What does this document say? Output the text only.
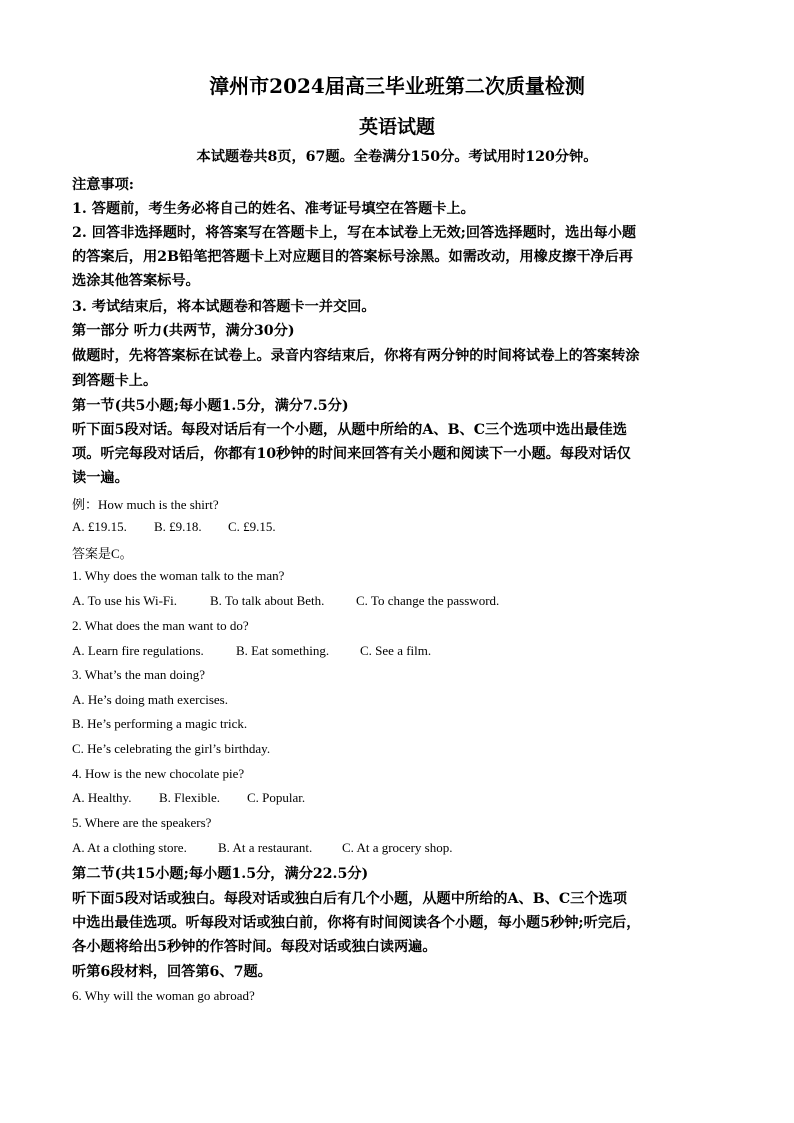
漳州市2024届高三毕业班第二次质量检测
英语试题
本试题卷共8页，67题。全卷满分150分。考试用时120分钟。
注意事项:
1. 答题前，考生务必将自己的姓名、准考证号填空在答题卡上。
2. 回答非选择题时，将答案写在答题卡上，写在本试卷上无效;回答选择题时，选出每小题
的答案后，用2B铅笔把答题卡上对应题目的答案标号涂黑。如需改动，用橡皮擦干净后再
选涂其他答案标号。
3. 考试结束后，将本试题卷和答题卡一并交回。
第一部分 听力(共两节，满分30分)
做题时，先将答案标在试卷上。录音内容结束后，你将有两分钟的时间将试卷上的答案转涂
到答题卡上。
第一节(共5小题;每小题1.5分，满分7.5分)
听下面5段对话。每段对话后有一个小题，从题中所给的A、B、C三个选项中选出最佳选
项。听完每段对话后，你都有10秒钟的时间来回答有关小题和阅读下一小题。每段对话仅
读一遍。
例：How much is the shirt?
A. £19.15. B. £9.18. C. £9.15.
答案是C。
1. Why does the woman talk to the man?
A. To use his Wi-Fi.	B. To talk about Beth. C. To change the password.
2. What does the man want to do?
A. Learn fire regulations. B. Eat something. C. See a film.
3. What’s the man doing?
A. He’s doing math exercises.
B. He’s performing a magic trick.
C. He’s celebrating the girl’s birthday.
4. How is the new chocolate pie?
A. Healthy. B. Flexible. C. Popular.
5. Where are the speakers?
A. At a clothing store. B. At a restaurant. C. At a grocery shop.
第二节(共15小题;每小题1.5分，满分22.5分)
听下面5段对话或独白。每段对话或独白后有几个小题，从题中所给的A、B、C三个选项
中选出最佳选项。听每段对话或独白前，你将有时间阅读各个小题，每小题5秒钟;听完后，
各小题将给出5秒钟的作答时间。每段对话或独白读两遍。
听第6段材料，回答第6、7题。
6. Why will the woman go abroad?
